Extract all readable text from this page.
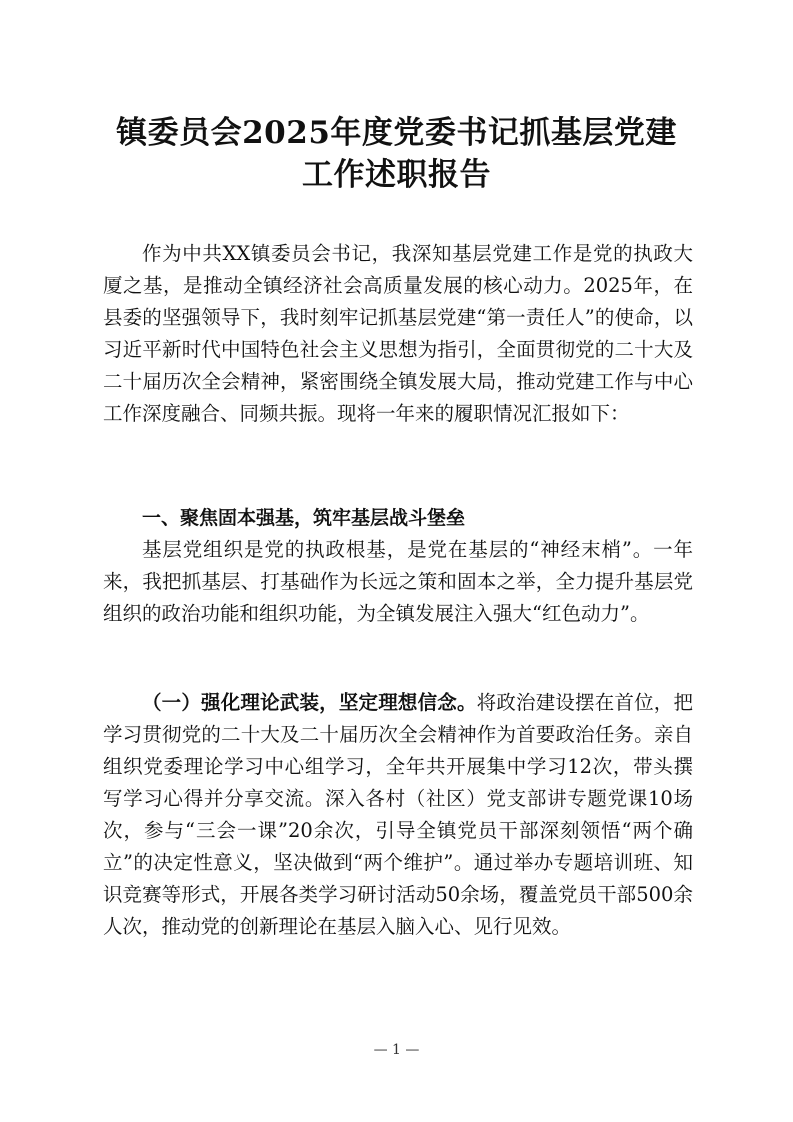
镇委员会2025年度党委书记抓基层党建
工作述职报告

作为中共XX镇委员会书记，我深知基层党建工作是党的执政大厦之基，是推动全镇经济社会高质量发展的核心动力。2025年，在县委的坚强领导下，我时刻牢记抓基层党建“第一责任人”的使命，以习近平新时代中国特色社会主义思想为指引，全面贯彻党的二十大及二十届历次全会精神，紧密围绕全镇发展大局，推动党建工作与中心工作深度融合、同频共振。现将一年来的履职情况汇报如下：

一、聚焦固本强基，筑牢基层战斗堡垒

基层党组织是党的执政根基，是党在基层的“神经末梢”。一年来，我把抓基层、打基础作为长远之策和固本之举，全力提升基层党组织的政治功能和组织功能，为全镇发展注入强大“红色动力”。

（一）强化理论武装，坚定理想信念。将政治建设摆在首位，把学习贯彻党的二十大及二十届历次全会精神作为首要政治任务。亲自组织党委理论学习中心组学习，全年共开展集中学习12次，带头撰写学习心得并分享交流。深入各村（社区）党支部讲专题党课10场次，参与“三会一课”20余次，引导全镇党员干部深刻领悟“两个确立”的决定性意义，坚决做到“两个维护”。通过举办专题培训班、知识竞赛等形式，开展各类学习研讨活动50余场，覆盖党员干部500余人次，推动党的创新理论在基层入脑入心、见行见效。

— 1 —
